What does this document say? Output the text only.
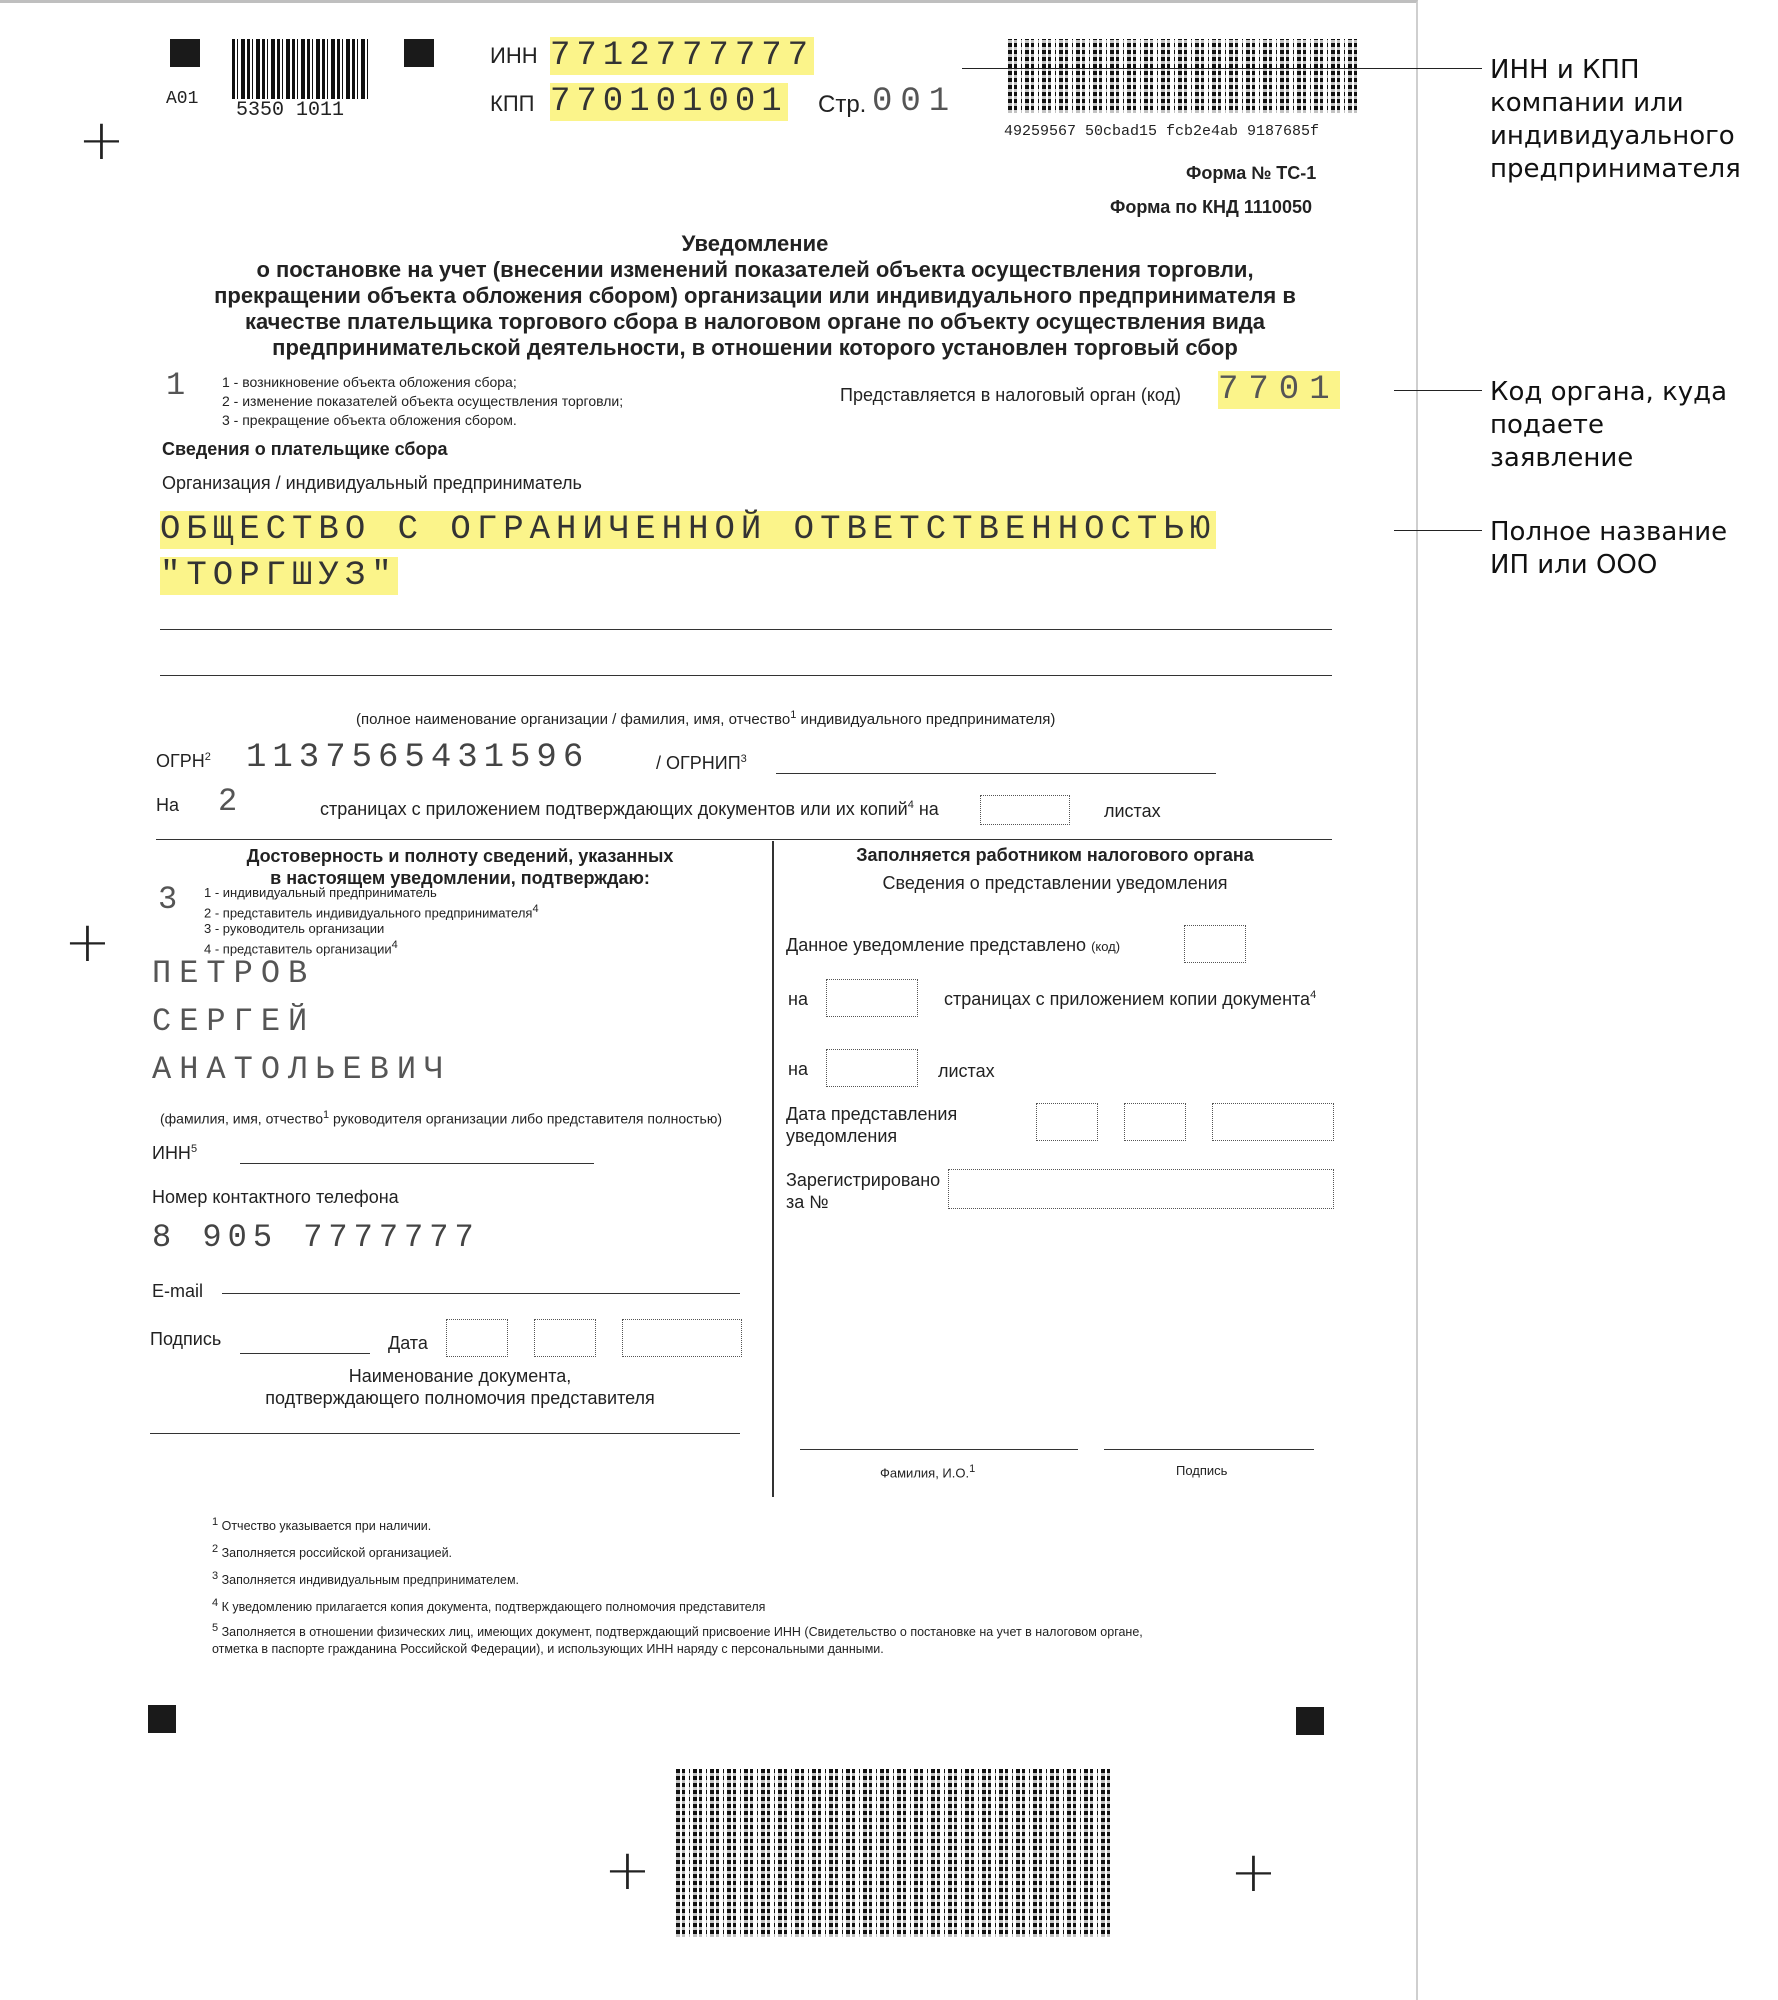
5350 1011
A01
+
ИНН 7712777777
КПП 770101001 Стр. 001
49259567 50cbad15 fcb2e4ab 9187685f
Форма № ТС-1
Форма по КНД 1110050
Уведомление
о постановке на учет (внесении изменений показателей объекта осуществления торговли,
прекращении объекта обложения сбором) организации или индивидуального предпринимателя в
качестве плательщика торгового сбора в налоговом органе по объекту осуществления вида
предпринимательской деятельности, в отношении которого установлен торговый сбор
1	1 - возникновение объекта обложения сбора;
2 - изменение показателей объекта осуществления торговли;
3 - прекращение объекта обложения сбором.
Представляется в налоговый орган (код) 7701
Сведения о плательщике сбора
Организация / индивидуальный предприниматель
ОБЩЕСТВО С ОГРАНИЧЕННОЙ ОТВЕТСТВЕННОСТЬЮ
"ТОРГШУЗ"
(полное наименование организации / фамилия, имя, отчество$^1$ индивидуального предпринимателя)
ОГРН$^2$ 1137565431596	/ ОГРНИП$^3$
На 2	страницах с приложением подтверждающих документов или их копий$^4$ на	листах
Достоверность и полноту сведений, указанных
в настоящем уведомлении, подтверждаю:
3 1 - индивидуальный предприниматель
2 - представитель индивидуального предпринимателя$^4$
3 - руководитель организации
4 - представитель организации$^4$
+ ПЕТРОВ
СЕРГЕЙ
АНАТОЛЬЕВИЧ
(фамилия, имя, отчество$^1$ руководителя организации либо представителя полностью)
ИНН$^5$
Номер контактного телефона
8 905 7777777
E-mail
Подпись	Дата
Наименование документа,
подтверждающего полномочия представителя
Заполняется работником налогового органа
Сведения о представлении уведомления
Данное уведомление представлено (код)
на	страницах с приложением копии документа$^4$
на	листах
Дата представления
уведомления
Зарегистрировано
за №
Фамилия, И.О.$^1$	Подпись
1 Отчество указывается при наличии.
2 Заполняется российской организацией.
3 Заполняется индивидуальным предпринимателем.
4 К уведомлению прилагается копия документа, подтверждающего полномочия представителя
5 Заполняется в отношении физических лиц, имеющих документ, подтверждающий присвоение ИНН (Свидетельство о постановке на учет в налоговом органе,
отметка в паспорте гражданина Российской Федерации), и использующих ИНН наряду с персональными данными.
+	+
ИНН и КПП
компании или
индивидуального
предпринимателя
Код органа, куда
подаете
заявление
Полное название
ИП или ООО
